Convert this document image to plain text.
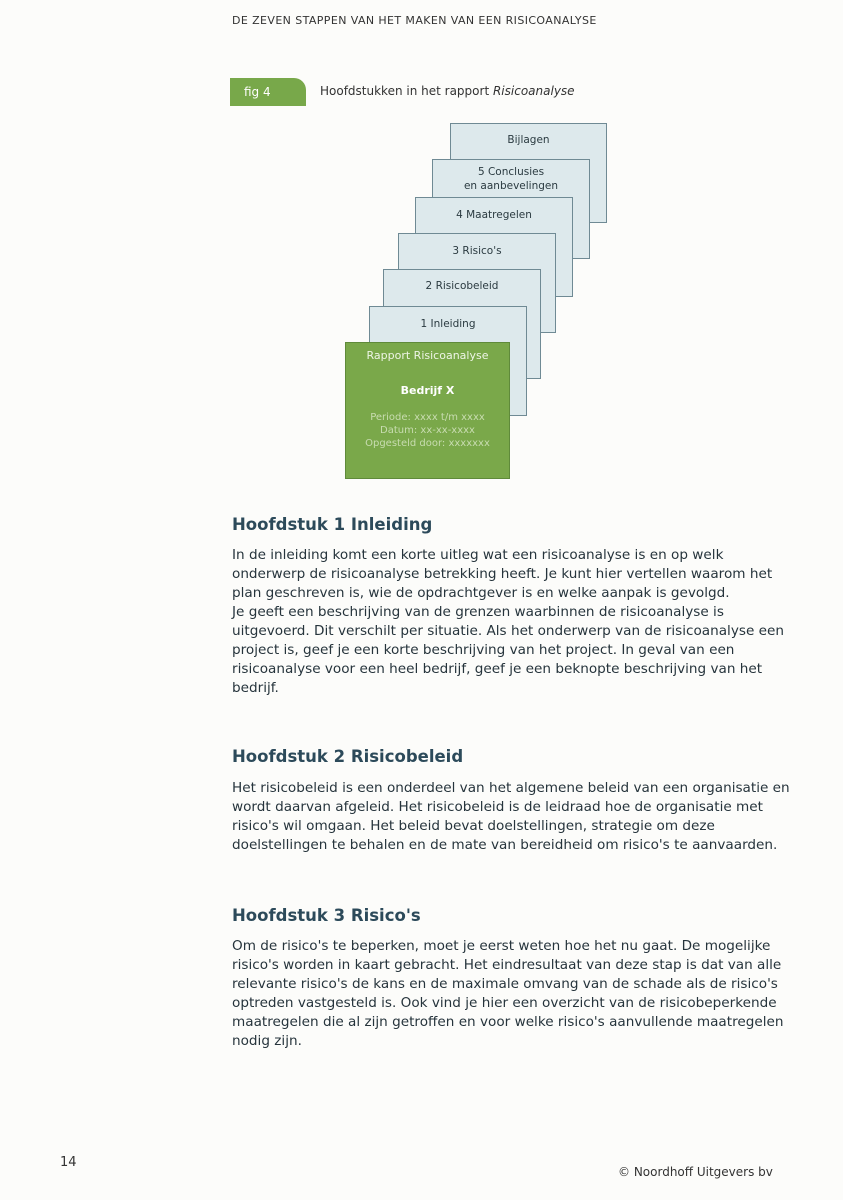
DE ZEVEN STAPPEN VAN HET MAKEN VAN EEN RISICOANALYSE
fig 4	Hoofdstukken in het rapport Risicoanalyse
Bijlagen
5 Conclusies
en aanbevelingen
4 Maatregelen
3 Risico's
2 Risicobeleid
1 Inleiding
Rapport Risicoanalyse
Bedrijf X
Periode: xxxx t/m xxxx
Datum: xx-xx-xxxx
Opgesteld door: xxxxxxx
Hoofdstuk 1 Inleiding

In de inleiding komt een korte uitleg wat een risicoanalyse is en op welk onderwerp de risicoanalyse betrekking heeft. Je kunt hier vertellen waarom het plan geschreven is, wie de opdrachtgever is en welke aanpak is gevolgd.

Je geeft een beschrijving van de grenzen waarbinnen de risicoanalyse is uitgevoerd. Dit verschilt per situatie. Als het onderwerp van de risicoanalyse een project is, geef je een korte beschrijving van het project. In geval van een risicoanalyse voor een heel bedrijf, geef je een beknopte beschrijving van het bedrijf.

Hoofdstuk 2 Risicobeleid

Het risicobeleid is een onderdeel van het algemene beleid van een organisatie en wordt daarvan afgeleid. Het risicobeleid is de leidraad hoe de organisatie met risico's wil omgaan. Het beleid bevat doelstellingen, strategie om deze doelstellingen te behalen en de mate van bereidheid om risico's te aanvaarden.

Hoofdstuk 3 Risico's

Om de risico's te beperken, moet je eerst weten hoe het nu gaat. De mogelijke risico's worden in kaart gebracht. Het eindresultaat van deze stap is dat van alle relevante risico's de kans en de maximale omvang van de schade als de risico's optreden vastgesteld is. Ook vind je hier een overzicht van de risicobeperkende maatregelen die al zijn getroffen en voor welke risico's aanvullende maatregelen nodig zijn.

14
© Noordhoff Uitgevers bv
